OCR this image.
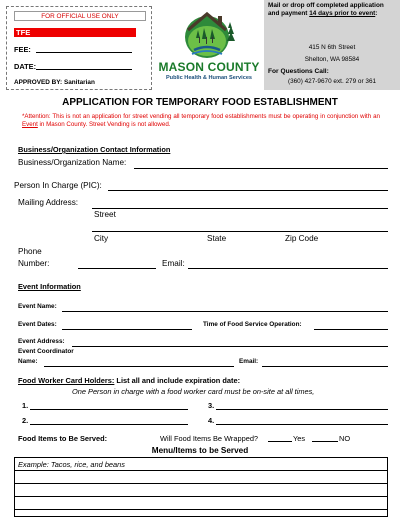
FOR OFFICIAL USE ONLY
TFE
FEE:
DATE:
APPROVED BY: Sanitarian
MASON COUNTY
Public Health & Human Services
Mail or drop off completed application and payment 14 days prior to event:
415 N 6th Street
Shelton, WA 98584
For Questions Call:
(360) 427-9670 ext. 279 or 361
APPLICATION FOR TEMPORARY FOOD ESTABLISHMENT
*Attention: This is not an application for street vending all temporary food establishments must be operating in conjunction with an Event in Mason County. Street Vending is not allowed.
Business/Organization Contact Information
Business/Organization Name:
Person In Charge (PIC):
Mailing Address:
Street
City	State	Zip Code
Phone
Number:	Email:
Event Information
Event Name:
Event Dates:	Time of Food Service Operation:
Event Address:
Event Coordinator
Name:	Email:
Food Worker Card Holders: List all and include expiration date:
One Person in charge with a food worker card must be on-site at all times,
1.	3.
2.	4.
Food Items to Be Served:	Will Food Items Be Wrapped?	Yes	NO
Menu/Items to be Served
Example: Tacos, rice, and beans
